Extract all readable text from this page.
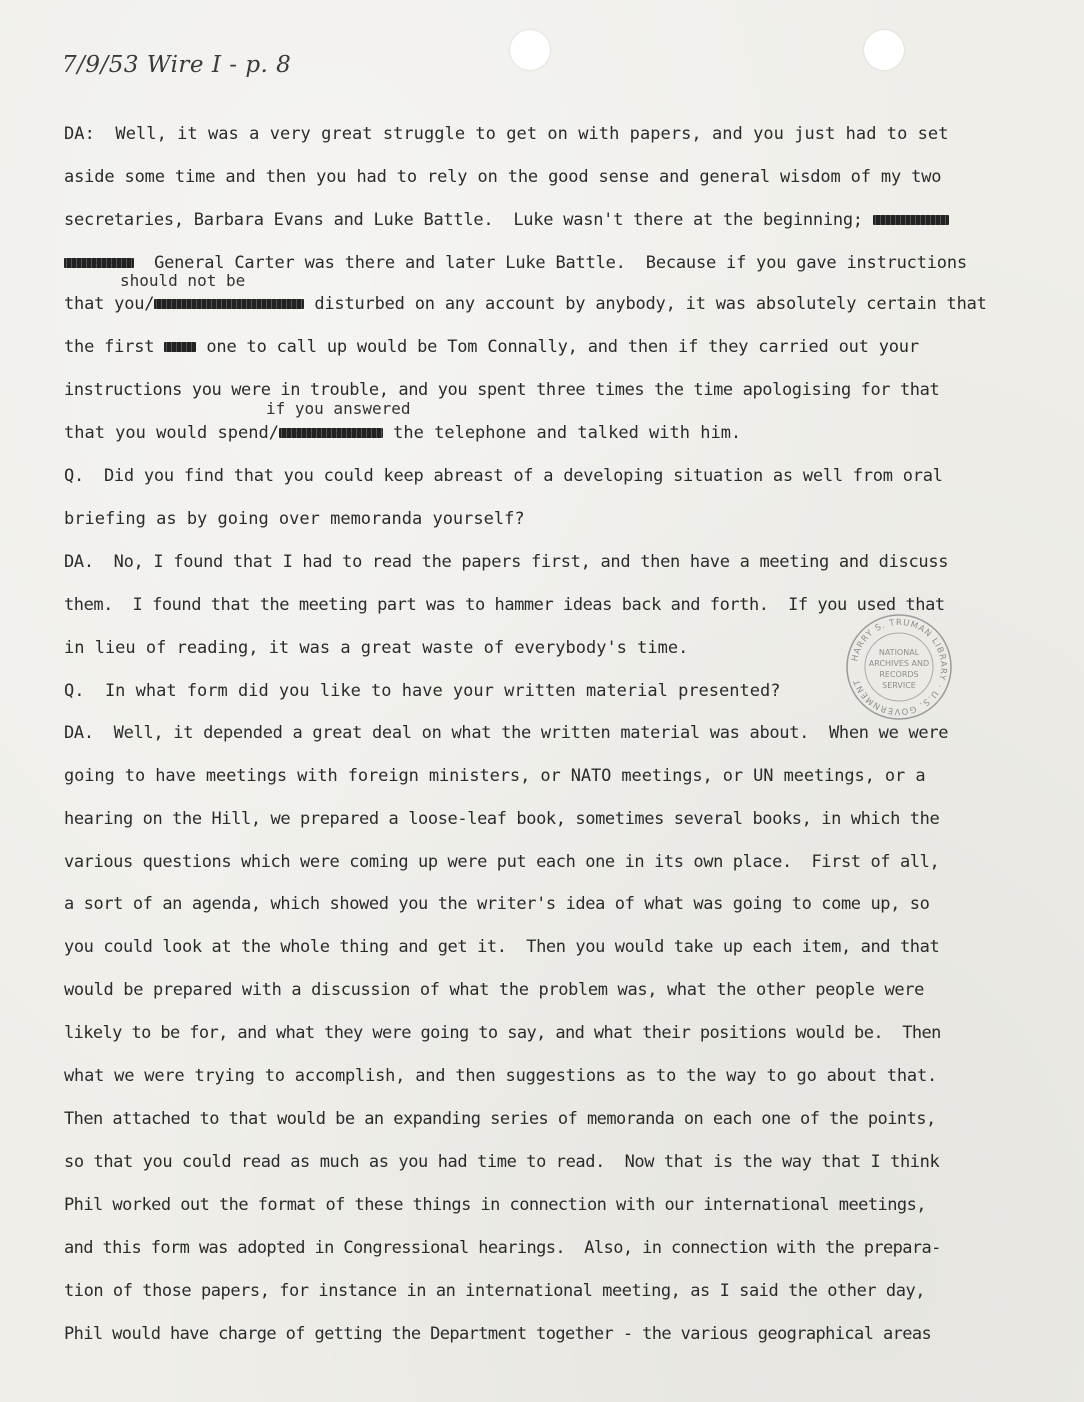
7/9/53 Wire I - p. 8
DA:  Well, it was a very great struggle to get on with papers, and you just had to set
aside some time and then you had to rely on the good sense and general wisdom of my two
secretaries, Barbara Evans and Luke Battle.  Luke wasn't there at the beginning;
General Carter was there and later Luke Battle.  Because if you gave instructions
should not be
that you/	disturbed on any account by anybody, it was absolutely certain that
the first  one to call up would be Tom Connally, and then if they carried out your
instructions you were in trouble, and you spent three times the time apologising for that
if you answered
that you would spend/	the telephone and talked with him.
Q.  Did you find that you could keep abreast of a developing situation as well from oral
briefing as by going over memoranda yourself?
DA.  No, I found that I had to read the papers first, and then have a meeting and discuss
them.  I found that the meeting part was to hammer ideas back and forth.  If you used that
in lieu of reading, it was a great waste of everybody's time.
Q.  In what form did you like to have your written material presented?
DA.  Well, it depended a great deal on what the written material was about.  When we were
going to have meetings with foreign ministers, or NATO meetings, or UN meetings, or a
hearing on the Hill, we prepared a loose-leaf book, sometimes several books, in which the
various questions which were coming up were put each one in its own place.  First of all,
a sort of an agenda, which showed you the writer's idea of what was going to come up, so
you could look at the whole thing and get it.  Then you would take up each item, and that
would be prepared with a discussion of what the problem was, what the other people were
likely to be for, and what they were going to say, and what their positions would be.  Then
what we were trying to accomplish, and then suggestions as to the way to go about that.
Then attached to that would be an expanding series of memoranda on each one of the points,
so that you could read as much as you had time to read.  Now that is the way that I think
Phil worked out the format of these things in connection with our international meetings,
and this form was adopted in Congressional hearings.  Also, in connection with the prepara-
tion of those papers, for instance in an international meeting, as I said the other day,
Phil would have charge of getting the Department together - the various geographical areas
HARRY S. TRUMAN LIBRARY · U.S. GOVERNMENT
NATIONAL
ARCHIVES AND
RECORDS
SERVICE
